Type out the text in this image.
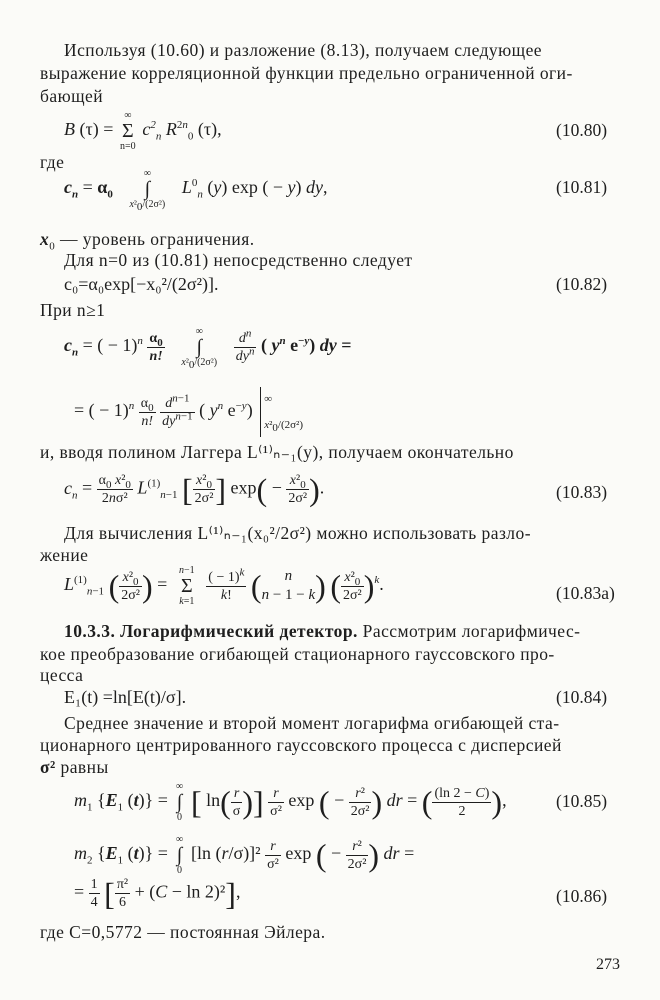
Используя (10.60) и разложение (8.13), получаем следующее
выражение корреляционной функции предельно ограниченной оги-
бающей
B (τ) =
∞
Σ
n=0
$c^2_n$ $R^{2n}_0$ (τ),	(10.80)
где
$c_n = \alpha_0$
∞
∫
$x^2_0/(2\sigma^2)$
$L^0_n$ (y) exp ( − y) dy,	(10.81)
$x_0$ — уровень ограничения.
Для n=0 из (10.81) непосредственно следует
c₀=α₀exp[−x₀²/(2σ²)].	(10.82)
При n≥1
$c_n$ = ( − $1)^n \frac{\alpha_0}{n!}$
	∞
∫
$x^2_0/(2\sigma^2)$
	$\frac{d^n}{dy^n}$ ( $y^n$ $e^{-y}$) dy =
= ( − $1)^n \frac{\alpha_0}{n!}$
$\frac{d^{n-1}}{dy^{n-1}}$ ( $y^n$ $e^{-y}$) ∞
$x^2_0/(2\sigma^2)$
и, вводя полином Лаггера L⁽¹⁾ₙ₋₁(y), получаем окончательно
$c_n = \frac{\alpha_0 x^2_0}{\text{2nσ²}} L^{(1)}_{n-1}$ [ $\frac{x^2_0}{\text{2σ²}}$ ] $\exp( - \frac{x^2_0}{\text{2σ²}}$ ).	(10.83)
Для вычисления L⁽¹⁾ₙ₋₁(x₀²/2σ²) можно использовать разло-
жение
$L^{(1)}_{n-1}$ ( $\frac{x^2_0}{\text{2σ²}}$ ) =
n−1
Σ
k=1
$\frac{( - 1)^k}{k!}$ ( n
n − 1 − k) ( $\frac{x^2_0}{\text{2σ²}} )^k$.	(10.83a)
10.3.3. Логарифмический детектор. Рассмотрим логарифмичес-
кое преобразование огибающей стационарного гауссовского про-
цесса
E₁(t) =ln[E(t)/σ].	(10.84)
Среднее значение и второй момент логарифма огибающей ста-
ционарного центрированного гауссовского процесса с дисперсией
σ² равны
$m_1$ {$E_1$ (t)} =
∞
∫
0 [ $\ln( \frac{r}{\sigma}$ )] $\frac{r}{\text{σ²}}$ exp ( − $\frac{\text{r²}}{\text{2σ²}}$ ) dr = ( $\frac{(\ln 2 - C)}{2}$ ),	(10.85)
$m_2$ {$E_1$ (t)} =
∞
∫
0
[ln $(r/\sigma)]^2 \frac{r}{\text{σ²}}$ exp ( − $\frac{\text{r²}}{\text{2σ²}}$ ) dr =
= $\frac{1}{4}$ [ $\frac{\text{π²}}{6} + (C - \ln 2)^2$],	(10.86)
где C=0,5772 — постоянная Эйлера.
273
